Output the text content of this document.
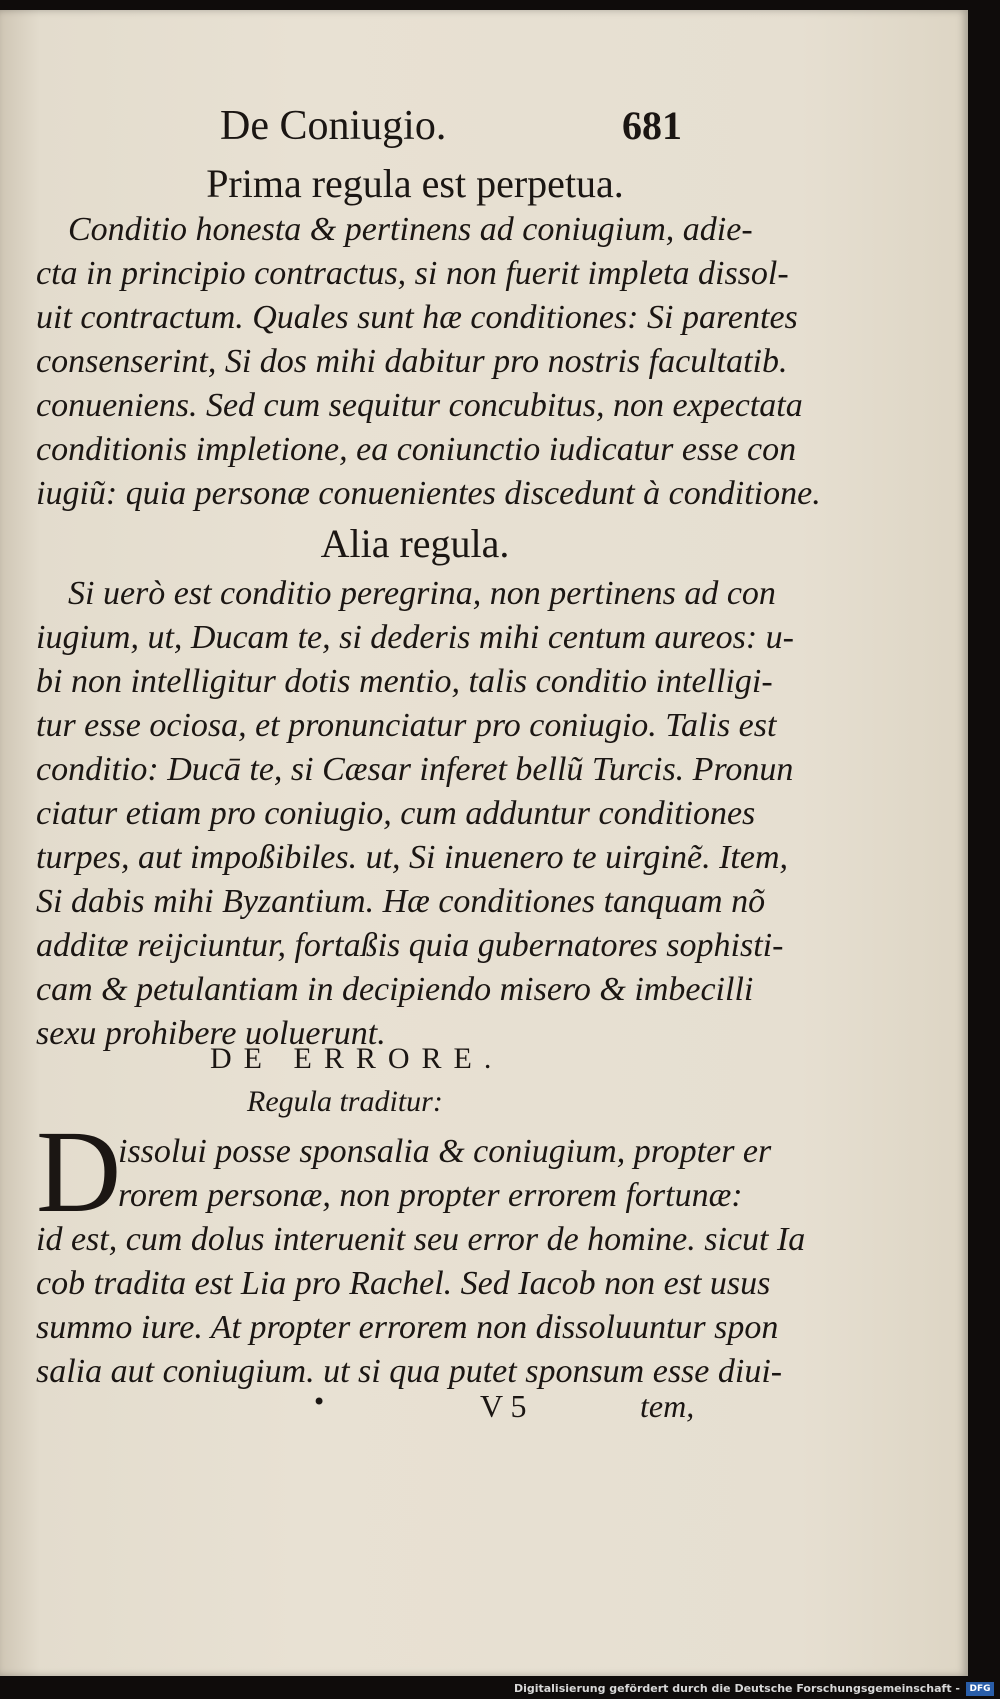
De Coniugio.	681
Prima regula est perpetua.
Conditio honesta & pertinens ad coniugium, adie-
cta in principio contractus, si non fuerit impleta dissol-
uit contractum. Quales sunt hæ conditiones: Si parentes
consenserint, Si dos mihi dabitur pro nostris facultatib.
conueniens. Sed cum sequitur concubitus, non expectata
conditionis impletione, ea coniunctio iudicatur esse con
iugiũ: quia personæ conuenientes discedunt à conditione.
Alia regula.
Si uerò est conditio peregrina, non pertinens ad con
iugium, ut, Ducam te, si dederis mihi centum aureos: u-
bi non intelligitur dotis mentio, talis conditio intelligi-
tur esse ociosa, et pronunciatur pro coniugio. Talis est
conditio: Ducā te, si Cæsar inferet bellũ Turcis. Pronun
ciatur etiam pro coniugio, cum adduntur conditiones
turpes, aut impoßibiles. ut, Si inuenero te uirginẽ. Item,
Si dabis mihi Byzantium. Hæ conditiones tanquam nõ
additæ reijciuntur, fortaßis quia gubernatores sophisti-
cam & petulantiam in decipiendo misero & imbecilli
sexu prohibere uoluerunt.
DE ERRORE.
Regula traditur:
D
issolui posse sponsalia & coniugium, propter er
rorem personæ, non propter errorem fortunæ:
id est, cum dolus interuenit seu error de homine. sicut Ia
cob tradita est Lia pro Rachel. Sed Iacob non est usus
summo iure. At propter errorem non dissoluuntur spon
salia aut coniugium. ut si qua putet sponsum esse diui-
•	V 5	tem,
Digitalisierung gefördert durch die Deutsche Forschungsgemeinschaft -	DFG
